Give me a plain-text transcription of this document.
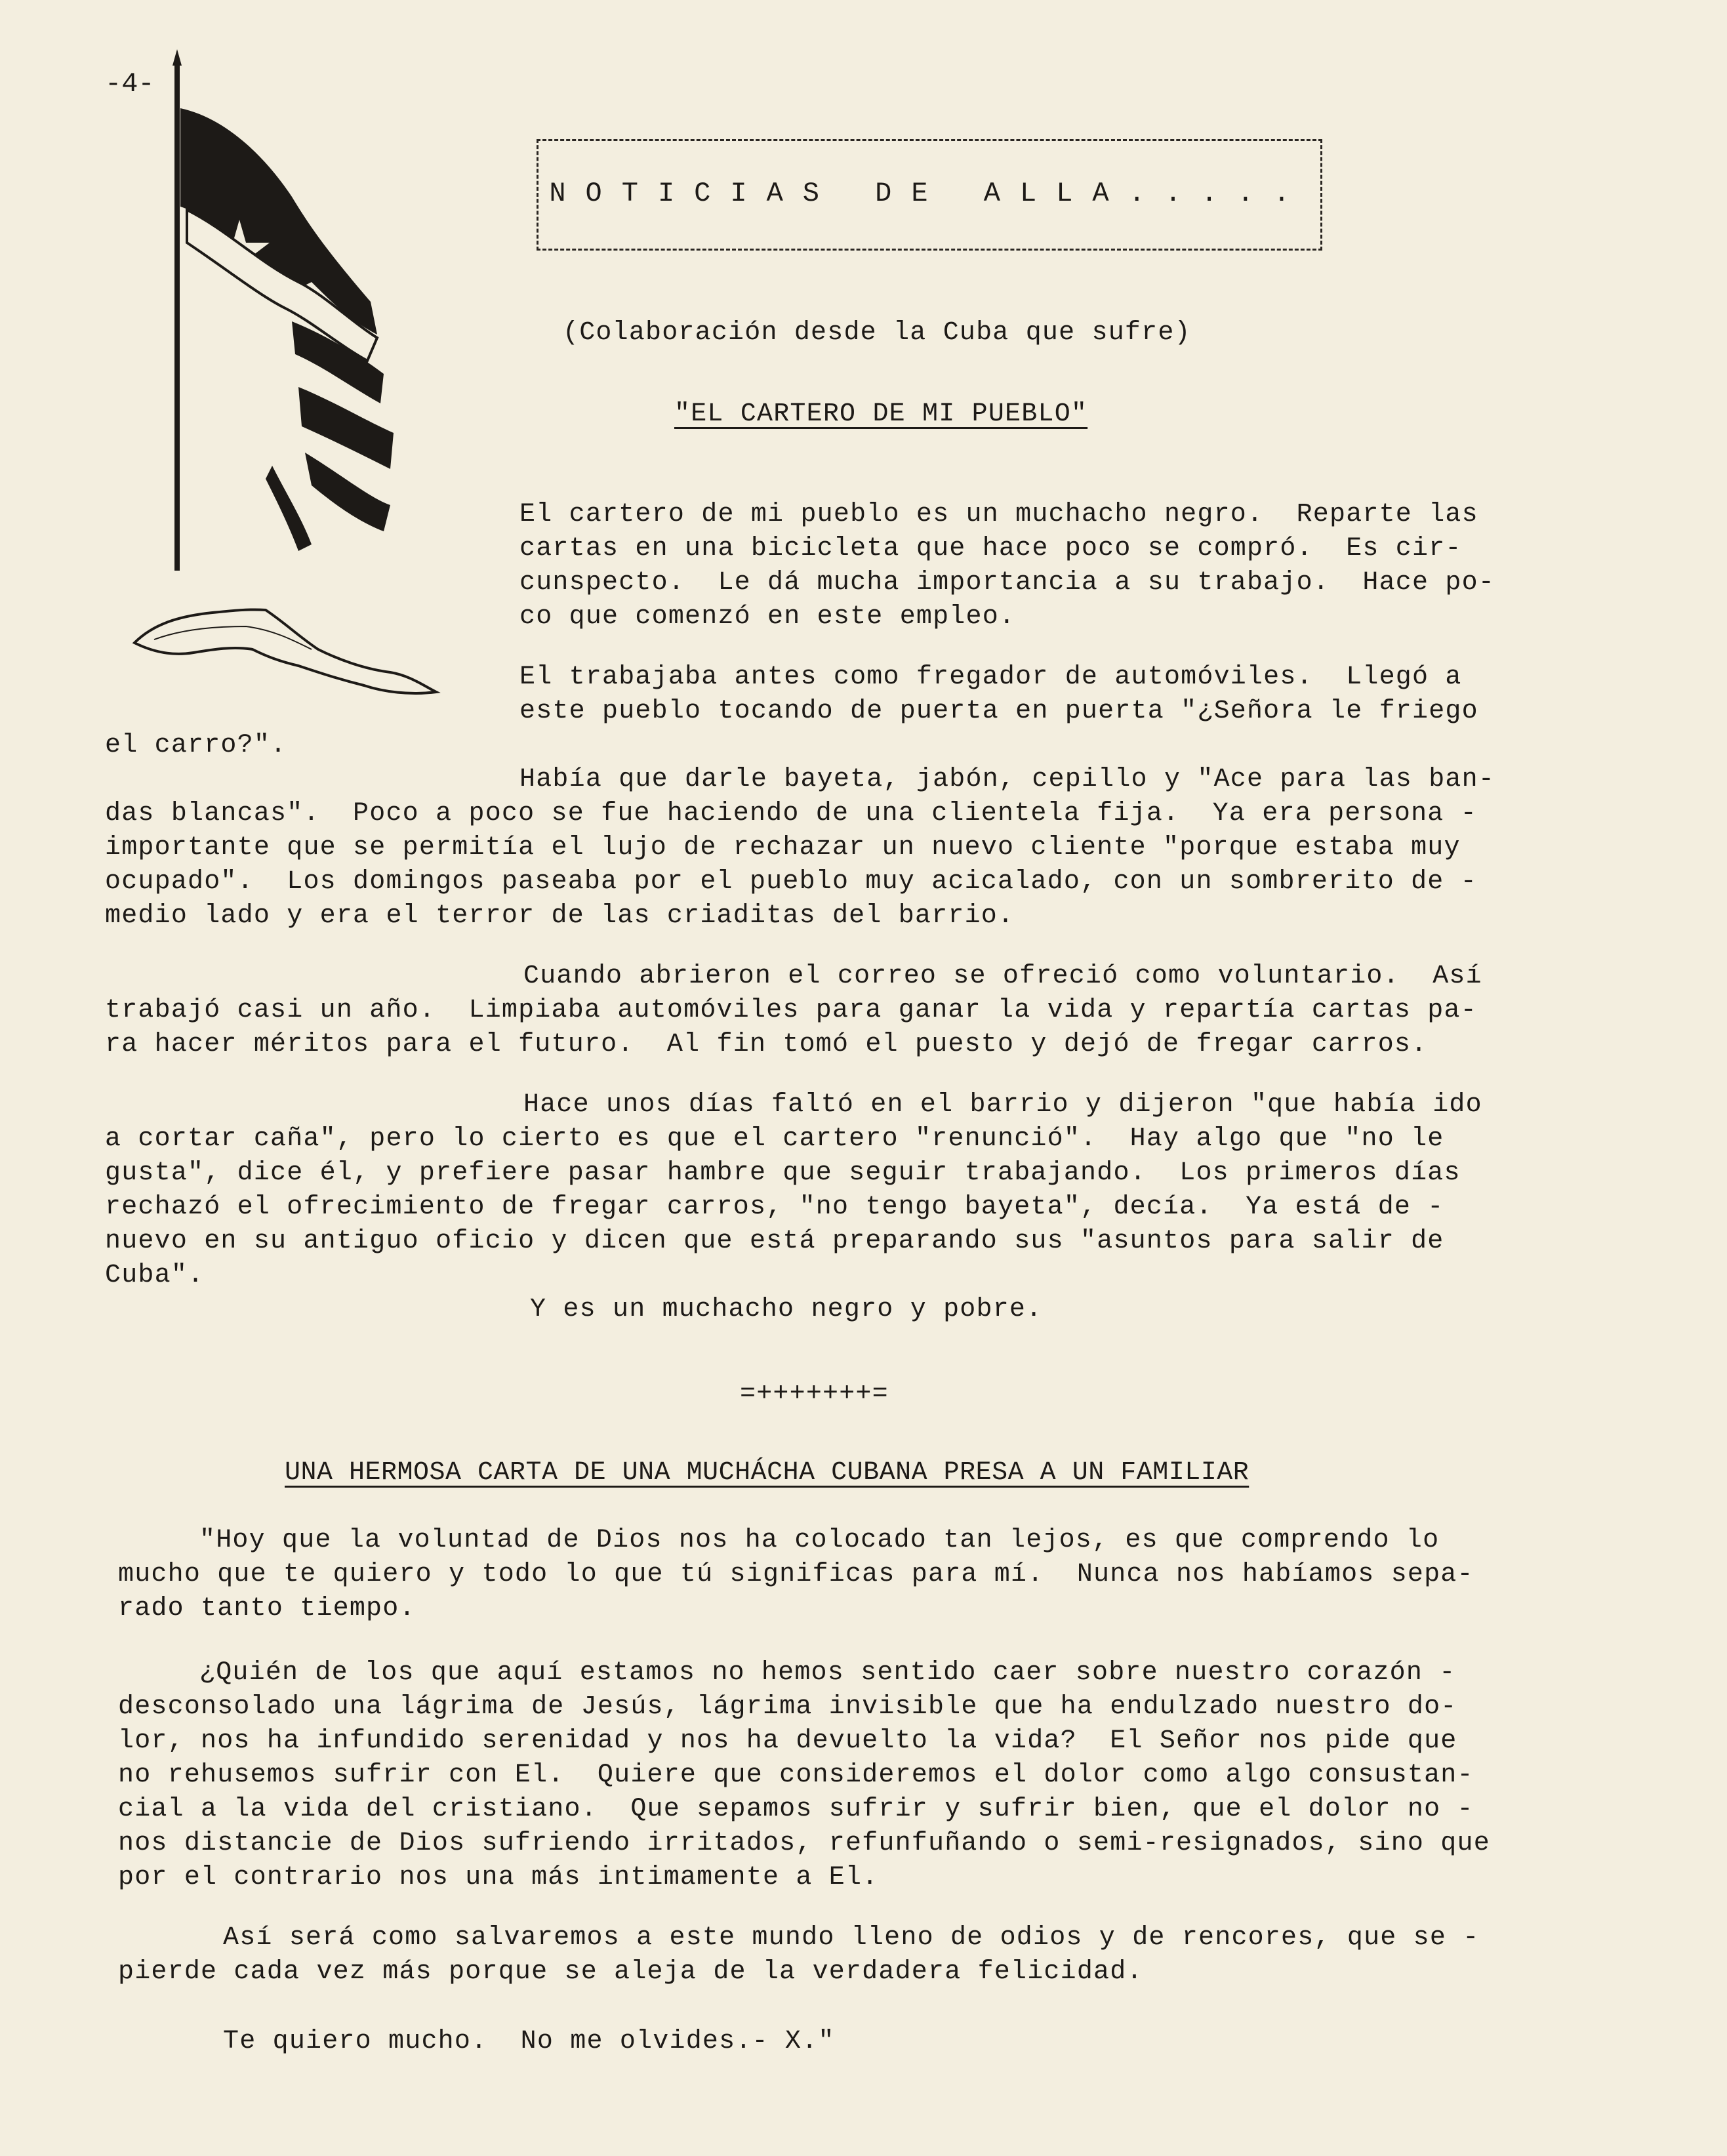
-4-
NOTICIAS DE ALLA.....
(Colaboración desde la Cuba que sufre)
"EL CARTERO DE MI PUEBLO"
El cartero de mi pueblo es un muchacho negro.  Reparte las
cartas en una bicicleta que hace poco se compró.  Es cir-
cunspecto.  Le dá mucha importancia a su trabajo.  Hace po-
co que comenzó en este empleo.
El trabajaba antes como fregador de automóviles.  Llegó a
este pueblo tocando de puerta en puerta "¿Señora le friego
el carro?".
Había que darle bayeta, jabón, cepillo y "Ace para las ban-
das blancas".  Poco a poco se fue haciendo de una clientela fija.  Ya era persona -
importante que se permitía el lujo de rechazar un nuevo cliente "porque estaba muy
ocupado".  Los domingos paseaba por el pueblo muy acicalado, con un sombrerito de -
medio lado y era el terror de las criaditas del barrio.
Cuando abrieron el correo se ofreció como voluntario.  Así
trabajó casi un año.  Limpiaba automóviles para ganar la vida y repartía cartas pa-
ra hacer méritos para el futuro.  Al fin tomó el puesto y dejó de fregar carros.
Hace unos días faltó en el barrio y dijeron "que había ido
a cortar caña", pero lo cierto es que el cartero "renunció".  Hay algo que "no le
gusta", dice él, y prefiere pasar hambre que seguir trabajando.  Los primeros días
rechazó el ofrecimiento de fregar carros, "no tengo bayeta", decía.  Ya está de -
nuevo en su antiguo oficio y dicen que está preparando sus "asuntos para salir de
Cuba".
Y es un muchacho negro y pobre.
=+++++++=
UNA HERMOSA CARTA DE UNA MUCHÁCHA CUBANA PRESA A UN FAMILIAR
"Hoy que la voluntad de Dios nos ha colocado tan lejos, es que comprendo lo
mucho que te quiero y todo lo que tú significas para mí.  Nunca nos habíamos sepa-
rado tanto tiempo.
¿Quién de los que aquí estamos no hemos sentido caer sobre nuestro corazón -
desconsolado una lágrima de Jesús, lágrima invisible que ha endulzado nuestro do-
lor, nos ha infundido serenidad y nos ha devuelto la vida?  El Señor nos pide que
no rehusemos sufrir con El.  Quiere que consideremos el dolor como algo consustan-
cial a la vida del cristiano.  Que sepamos sufrir y sufrir bien, que el dolor no -
nos distancie de Dios sufriendo irritados, refunfuñando o semi-resignados, sino que
por el contrario nos una más intimamente a El.
Así será como salvaremos a este mundo lleno de odios y de rencores, que se -
pierde cada vez más porque se aleja de la verdadera felicidad.
Te quiero mucho.  No me olvides.- X."
